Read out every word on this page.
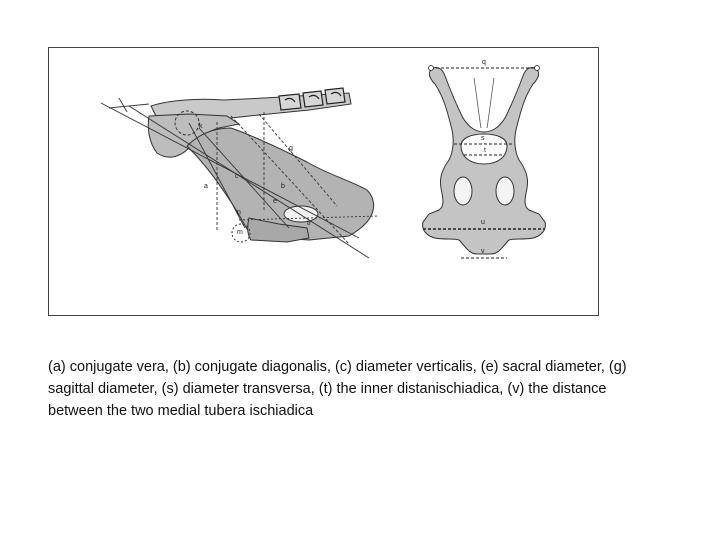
k
g
c
b
a
e
n
tr
m
q
s
t
u
v

(a) conjugate vera, (b) conjugate diagonalis, (c) diameter verticalis, (e) sacral diameter, (g) sagittal diameter, (s) diameter transversa, (t) the inner distanischiadica, (v) the distance between the two medial tubera ischiadica
